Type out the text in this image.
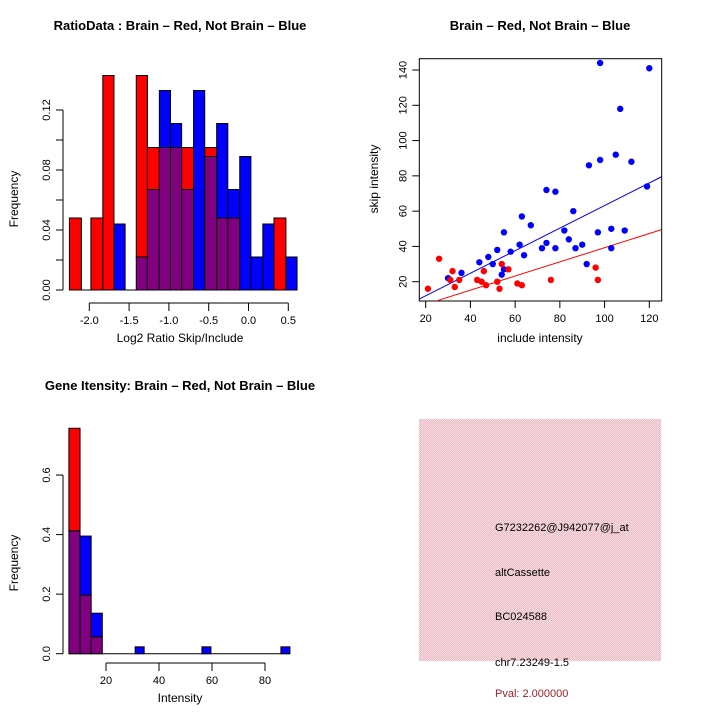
0.00
0.04
0.08
0.12
-2.0 -1.5 -1.0 -0.5 0.0 0.5
RatioData : Brain – Red, Not Brain – Blue
Log2 Ratio Skip/Include
Frequency
20	40	60	80	100 120
20
40
60
80
100
120
140
Brain – Red, Not Brain – Blue
include intensity
skip intensity
0.0
0.2
0.4
0.6
20	40	60	80
Gene Itensity: Brain – Red, Not Brain – Blue
Intensity
Frequency
G7232262@J942077@j_at
altCassette
BC024588
chr7.23249-1.5
Pval: 2.000000
